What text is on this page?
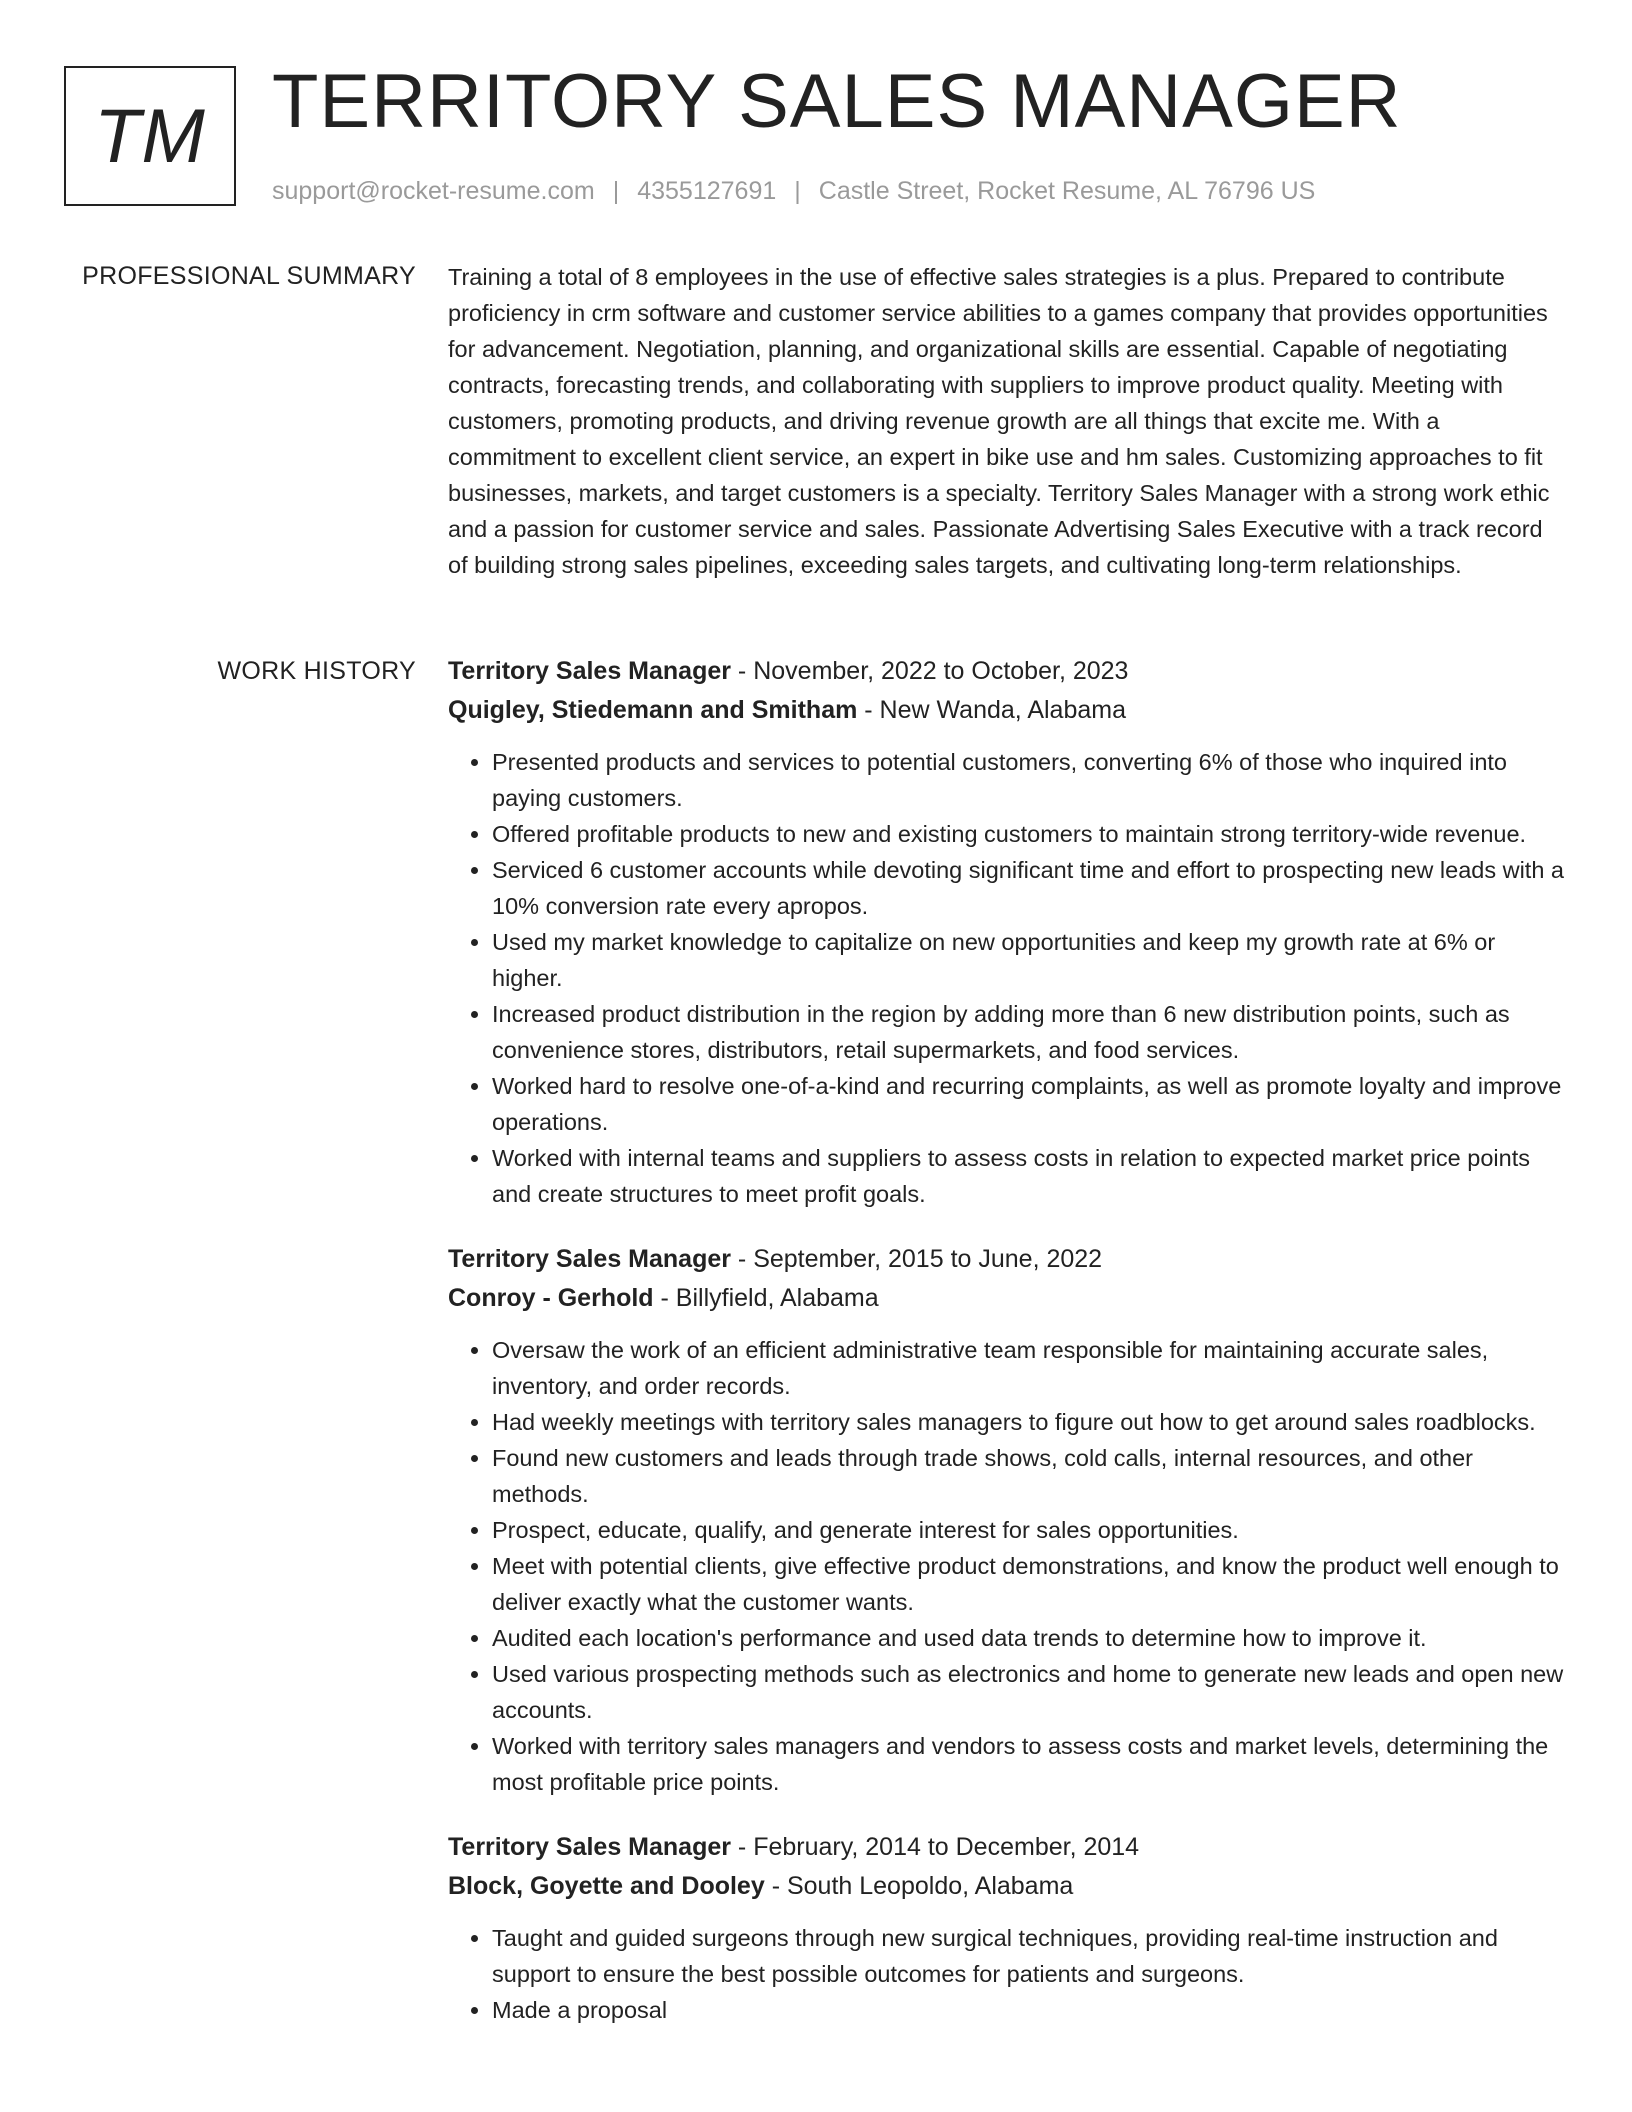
TM TERRITORY SALES MANAGER
support@rocket-resume.com | 4355127691 | Castle Street, Rocket Resume, AL 76796 US
PROFESSIONAL SUMMARY Training a total of 8 employees in the use of effective sales strategies is a plus. Prepared to contribute proficiency in crm software and customer service abilities to a games company that provides opportunities for advancement. Negotiation, planning, and organizational skills are essential. Capable of negotiating contracts, forecasting trends, and collaborating with suppliers to improve product quality. Meeting with customers, promoting products, and driving revenue growth are all things that excite me. With a commitment to excellent client service, an expert in bike use and hm sales. Customizing approaches to fit businesses, markets, and target customers is a specialty. Territory Sales Manager with a strong work ethic and a passion for customer service and sales. Passionate Advertising Sales Executive with a track record of building strong sales pipelines, exceeding sales targets, and cultivating long-term relationships.

WORK HISTORY Territory Sales Manager - November, 2022 to October, 2023
Quigley, Stiedemann and Smitham - New Wanda, Alabama
• Presented products and services to potential customers, converting 6% of those who inquired into paying customers.
• Offered profitable products to new and existing customers to maintain strong territory-wide revenue.
• Serviced 6 customer accounts while devoting significant time and effort to prospecting new leads with a 10% conversion rate every apropos.
• Used my market knowledge to capitalize on new opportunities and keep my growth rate at 6% or higher.
• Increased product distribution in the region by adding more than 6 new distribution points, such as convenience stores, distributors, retail supermarkets, and food services.
• Worked hard to resolve one-of-a-kind and recurring complaints, as well as promote loyalty and improve operations.
• Worked with internal teams and suppliers to assess costs in relation to expected market price points and create structures to meet profit goals.
Territory Sales Manager - September, 2015 to June, 2022
Conroy - Gerhold - Billyfield, Alabama
• Oversaw the work of an efficient administrative team responsible for maintaining accurate sales, inventory, and order records.
• Had weekly meetings with territory sales managers to figure out how to get around sales roadblocks.
• Found new customers and leads through trade shows, cold calls, internal resources, and other methods.
• Prospect, educate, qualify, and generate interest for sales opportunities.
• Meet with potential clients, give effective product demonstrations, and know the product well enough to deliver exactly what the customer wants.
• Audited each location's performance and used data trends to determine how to improve it.
• Used various prospecting methods such as electronics and home to generate new leads and open new accounts.
• Worked with territory sales managers and vendors to assess costs and market levels, determining the most profitable price points.
Territory Sales Manager - February, 2014 to December, 2014
Block, Goyette and Dooley - South Leopoldo, Alabama
• Taught and guided surgeons through new surgical techniques, providing real-time instruction and support to ensure the best possible outcomes for patients and surgeons.
• Made a proposal
